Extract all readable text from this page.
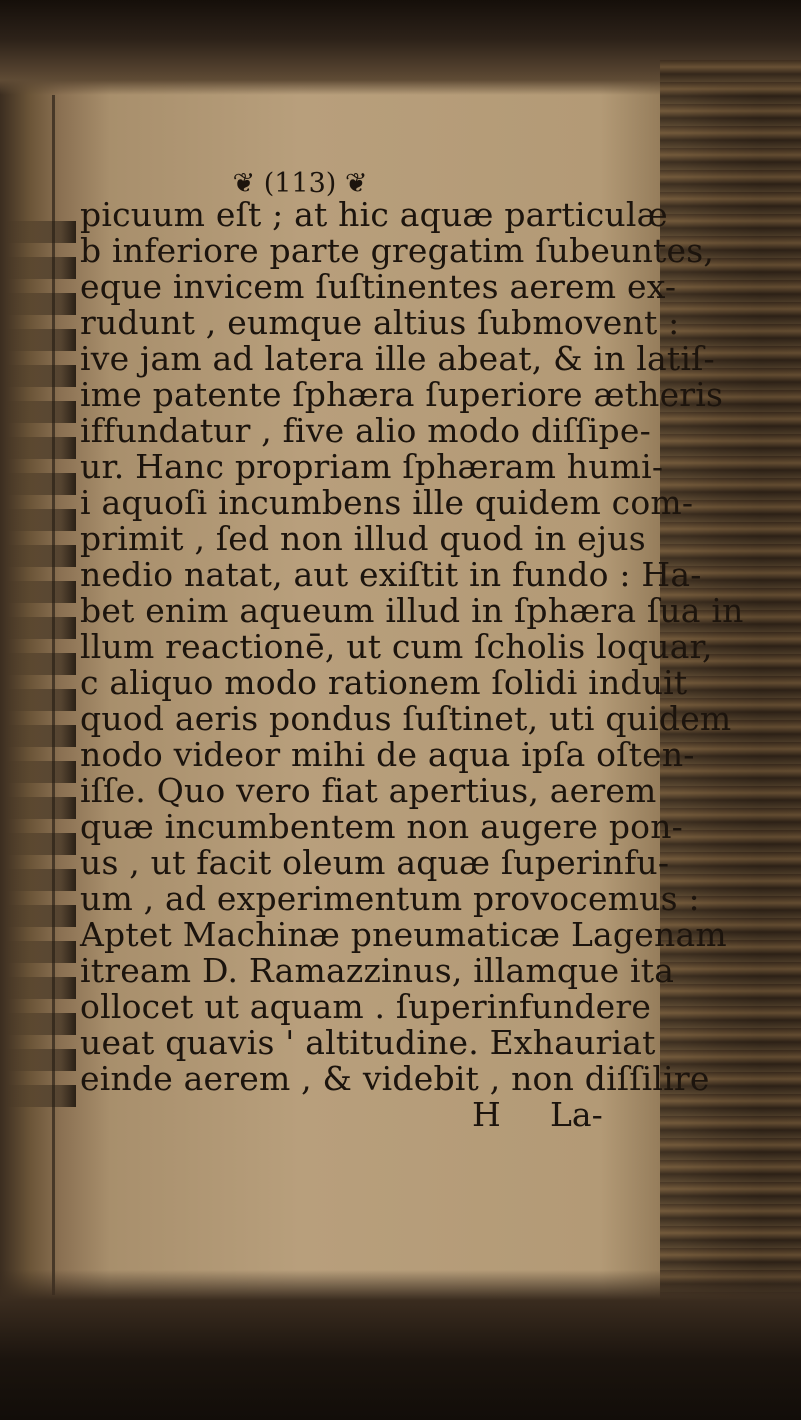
❦ (113) ❦
picuum eſt ; at hic aquæ particulæ
b inferiore parte gregatim ſubeuntes,
eque invicem ſuſtinentes aerem ex-
rudunt , eumque altius ſubmovent :
ive jam ad latera ille abeat, & in latiſ-
ime patente ſphæra ſuperiore ætheris
iffundatur , five alio modo diſſipe-
ur. Hanc propriam ſphæram humi-
i aquoſi incumbens ille quidem com-
primit , ſed non illud quod in ejus
nedio natat, aut exiſtit in fundo : Ha-
bet enim aqueum illud in ſphæra ſua in
llum reactionē, ut cum ſcholis loquar,
c aliquo modo rationem ſolidi induit
quod aeris pondus ſuſtinet, uti quidem
nodo videor mihi de aqua ipſa oſten-
iſſe. Quo vero fiat apertius, aerem
quæ incumbentem non augere pon-
us , ut facit oleum aquæ ſuperinfu-
um , ad experimentum provocemus :
Aptet Machinæ pneumaticæ Lagenam
itream D. Ramazzinus, illamque ita
ollocet ut aquam . ſuperinfundere
ueat quavis ' altitudine. Exhauriat
einde aerem , & videbit , non diſſilire
H La-
